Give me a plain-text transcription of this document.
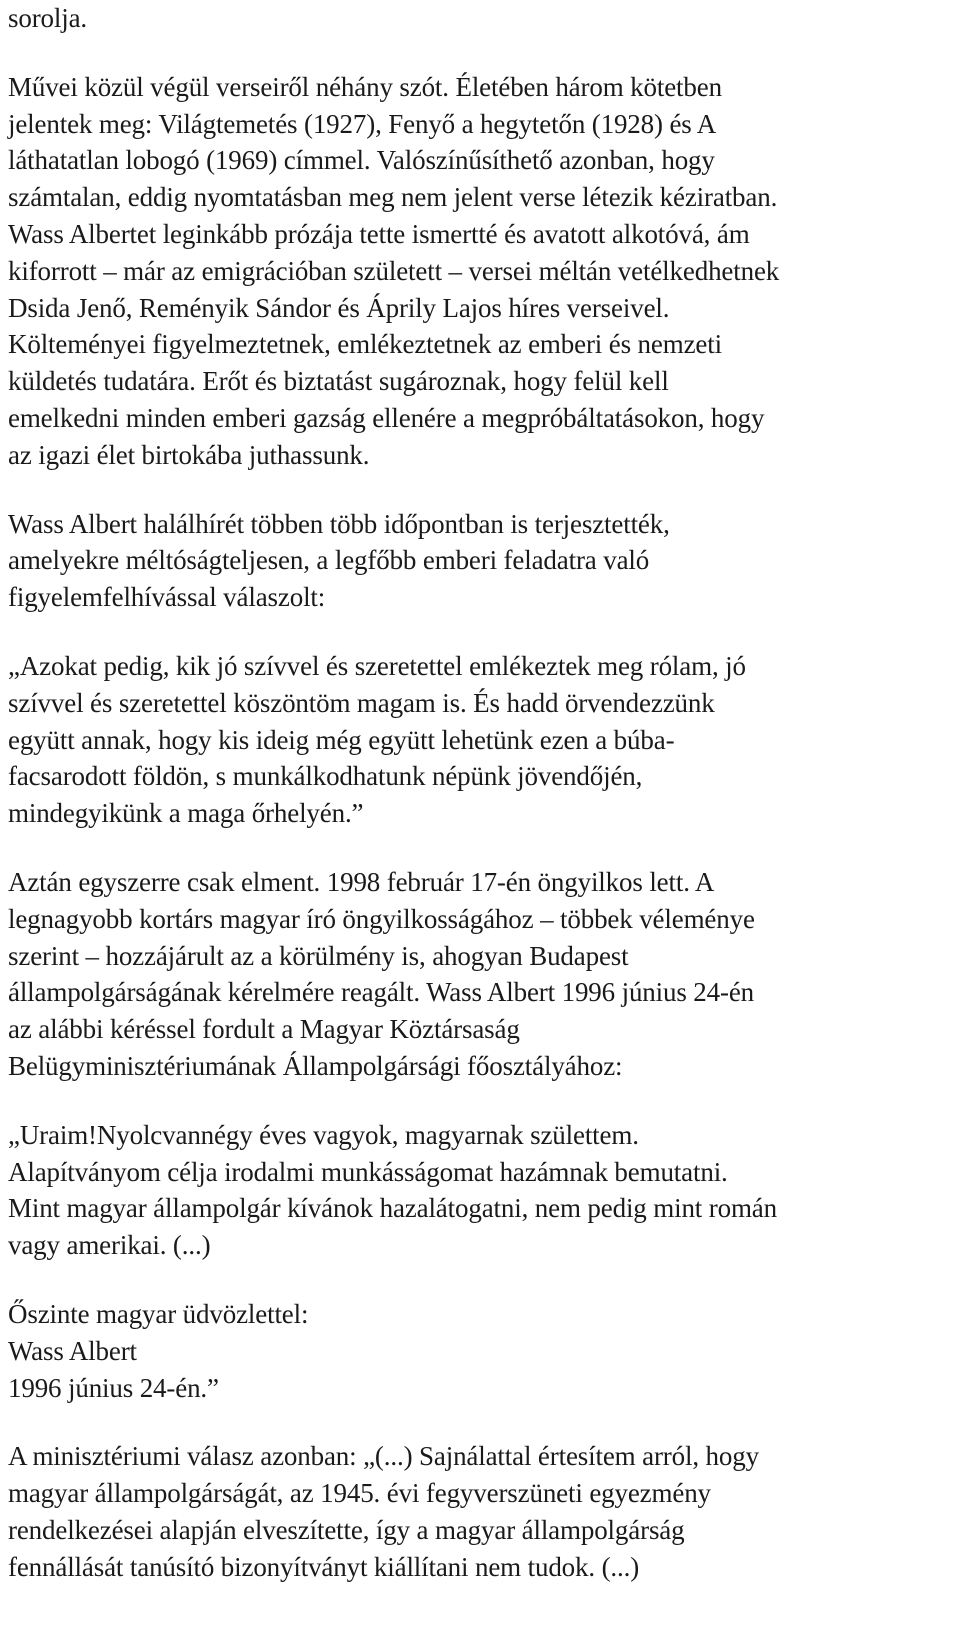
sorolja.

Művei közül végül verseiről néhány szót. Életében három kötetben
jelentek meg: Világtemetés (1927), Fenyő a hegytetőn (1928) és A
láthatatlan lobogó (1969) címmel. Valószínűsíthető azonban, hogy
számtalan, eddig nyomtatásban meg nem jelent verse létezik kéziratban.
Wass Albertet leginkább prózája tette ismertté és avatott alkotóvá, ám
kiforrott – már az emigrációban született – versei méltán vetélkedhetnek
Dsida Jenő, Reményik Sándor és Áprily Lajos híres verseivel.
Költeményei figyelmeztetnek, emlékeztetnek az emberi és nemzeti
küldetés tudatára. Erőt és biztatást sugároznak, hogy felül kell
emelkedni minden emberi gazság ellenére a megpróbáltatásokon, hogy
az igazi élet birtokába juthassunk.

Wass Albert halálhírét többen több időpontban is terjesztették,
amelyekre méltóságteljesen, a legfőbb emberi feladatra való
figyelemfelhívással válaszolt:

„Azokat pedig, kik jó szívvel és szeretettel emlékeztek meg rólam, jó
szívvel és szeretettel köszöntöm magam is. És hadd örvendezzünk
együtt annak, hogy kis ideig még együtt lehetünk ezen a búba-
facsarodott földön, s munkálkodhatunk népünk jövendőjén,
mindegyikünk a maga őrhelyén.”

Aztán egyszerre csak elment. 1998 február 17-én öngyilkos lett. A
legnagyobb kortárs magyar író öngyilkosságához – többek véleménye
szerint – hozzájárult az a körülmény is, ahogyan Budapest
állampolgárságának kérelmére reagált. Wass Albert 1996 június 24-én
az alábbi kéréssel fordult a Magyar Köztársaság
Belügyminisztériumának Állampolgársági főosztályához:

„Uraim!Nyolcvannégy éves vagyok, magyarnak születtem.
Alapítványom célja irodalmi munkásságomat hazámnak bemutatni.
Mint magyar állampolgár kívánok hazalátogatni, nem pedig mint román
vagy amerikai. (...)

Őszinte magyar üdvözlettel:
Wass Albert
1996 június 24-én.”

A minisztériumi válasz azonban: „(...) Sajnálattal értesítem arról, hogy
magyar állampolgárságát, az 1945. évi fegyverszüneti egyezmény
rendelkezései alapján elveszítette, így a magyar állampolgárság
fennállását tanúsító bizonyítványt kiállítani nem tudok. (...)
